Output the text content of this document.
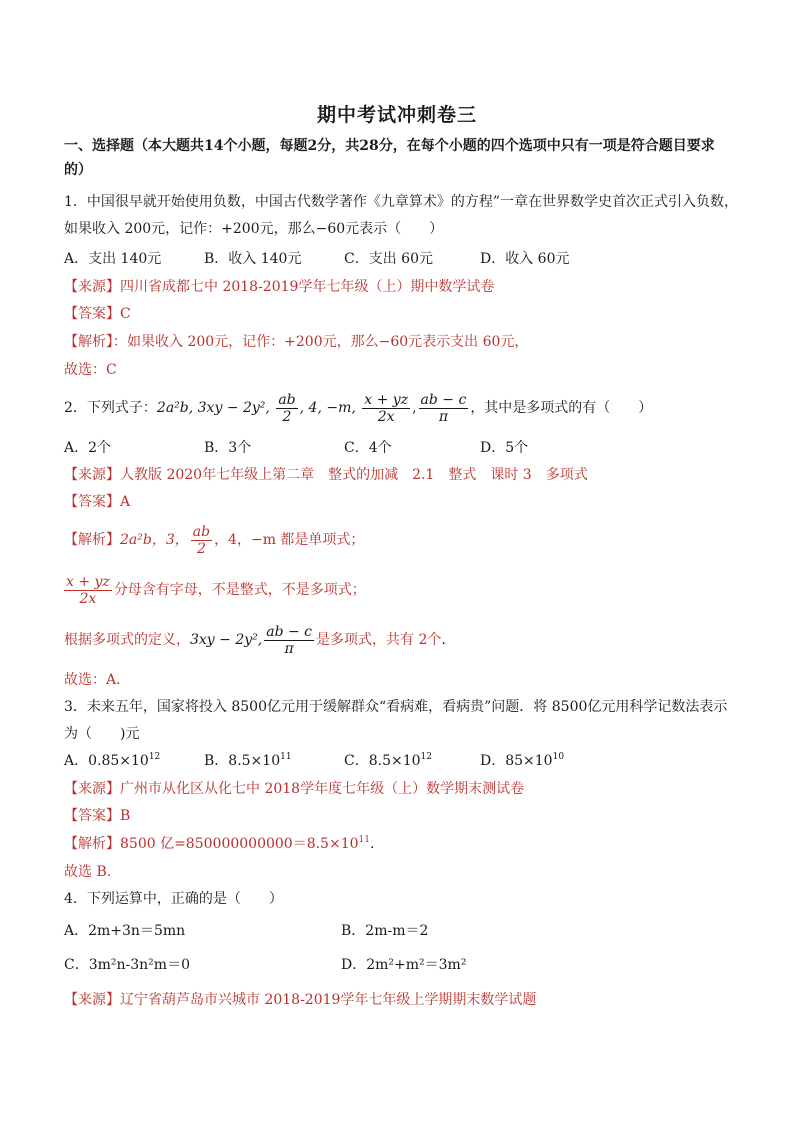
期中考试冲刺卷三
一、选择题（本大题共14个小题，每题2分，共28分，在每个小题的四个选项中只有一项是符合题目要求
的）
1．中国很早就开始使用负数，中国古代数学著作《九章算术》的方程”一章在世界数学史首次正式引入负数，
如果收入 200元，记作：+200元，那么−60元表示（　　）
A．支出 140元	B．收入 140元	C．支出 60元	D．收入 60元
【来源】四川省成都七中 2018-2019学年七年级（上）期中数学试卷
【答案】C
【解析】：如果收入 200元，记作：+200元，那么−60元表示支出 60元，
故选：C
2．下列式子：2a²b, 3xy − 2y², $\frac{ab}{2}$ , 4, −m, $\frac{x + yz}{2x}$ , $\frac{ab - c}{\pi}$ ，其中是多项式的有（　　）
A．2个	B．3个	C．4个	D．5个
【来源】人教版 2020年七年级上第二章　整式的加减　2.1　整式　课时 3　多项式
【答案】A
【解析】2a²b，3， $\frac{ab}{2}$ ，4，−m 都是单项式；
$\frac{x + yz}{2x}$ 分母含有字母，不是整式，不是多项式；
根据多项式的定义，3xy − 2y², $\frac{ab - c}{\pi}$ 是多项式，共有 2个.
故选：A．
3．未来五年，国家将投入 8500亿元用于缓解群众“看病难，看病贵”问题．将 8500亿元用科学记数法表示
为（　　)元
A．$0.85\times 10^{12}$	B．$8.5\times 10^{11}$	C．$8.5\times 10^{12}$	D．$85\times 10^{10}$
【来源】广州市从化区从化七中 2018学年度七年级（上）数学期末测试卷
【答案】B
【解析】8500 亿$=850000000000=8.5\times 10^{11}$.
故选 B.
4．下列运算中，正确的是（　　）
A．2m+3n＝5mn	B．2m-m＝2
C．3m²n-3n²m＝0	D．2m²+m²＝3m²
【来源】辽宁省葫芦岛市兴城市 2018-2019学年七年级上学期期末数学试题
